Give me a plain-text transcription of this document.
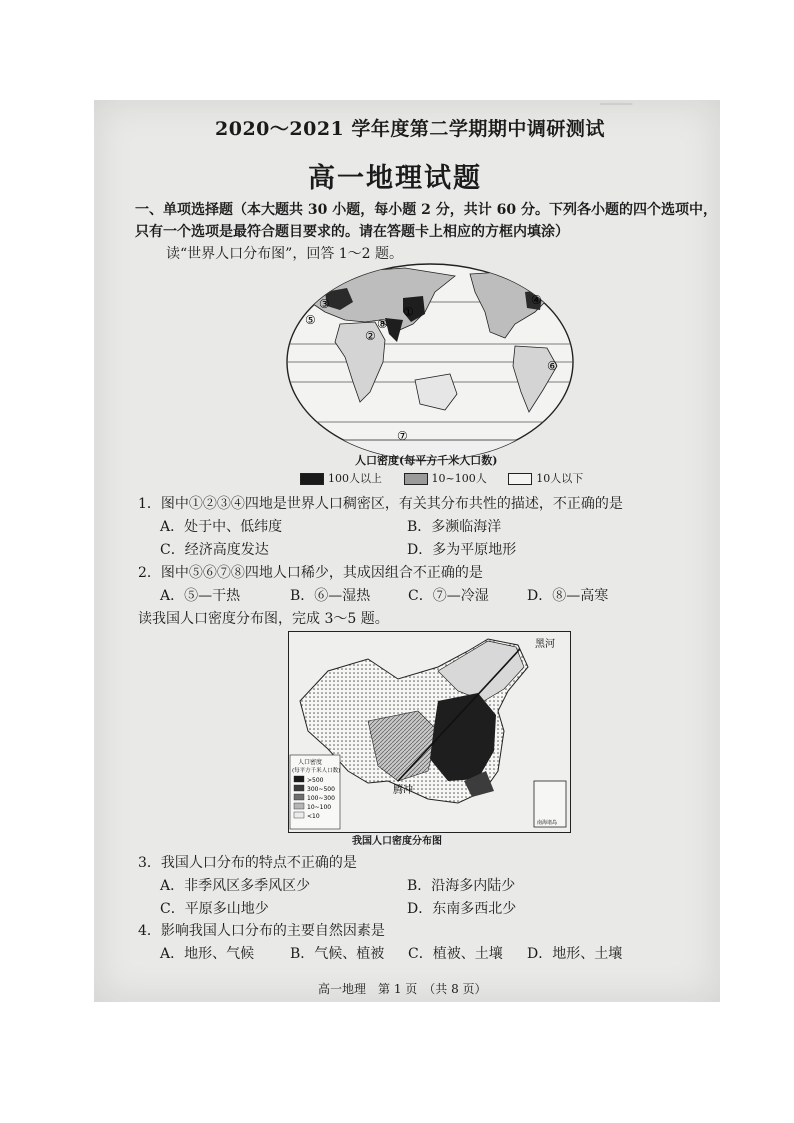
▔▔▔
2020～2021 学年度第二学期期中调研测试
高一地理试题
一、单项选择题（本大题共 30 小题，每小题 2 分，共计 60 分。下列各小题的四个选项中，
只有一个选项是最符合题目要求的。请在答题卡上相应的方框内填涂）
读“世界人口分布图”，回答 1～2 题。
⑤	⑧
②
①
③	④
⑥
⑦
人口密度(每平方千米人口数)
100人以上	10~100人	10人以下
1．图中①②③④四地是世界人口稠密区，有关其分布共性的描述，不正确的是
A．处于中、低纬度	B．多濒临海洋
C．经济高度发达	D．多为平原地形
2．图中⑤⑥⑦⑧四地人口稀少，其成因组合不正确的是
A．⑤—干热	B．⑥—湿热	C．⑦—冷湿	D．⑧—高寒
读我国人口密度分布图，完成 3～5 题。
南海诸岛
黑河
腾冲
人口密度
(每平方千米人口数)
>500
300~500
100~300
10~100
<10
我国人口密度分布图
3．我国人口分布的特点不正确的是
A．非季风区多季风区少	B．沿海多内陆少
C．平原多山地少	D．东南多西北少
4．影响我国人口分布的主要自然因素是
A．地形、气候	B．气候、植被 C．植被、土壤 D．地形、土壤
高一地理　第 1 页　（共 8 页）
